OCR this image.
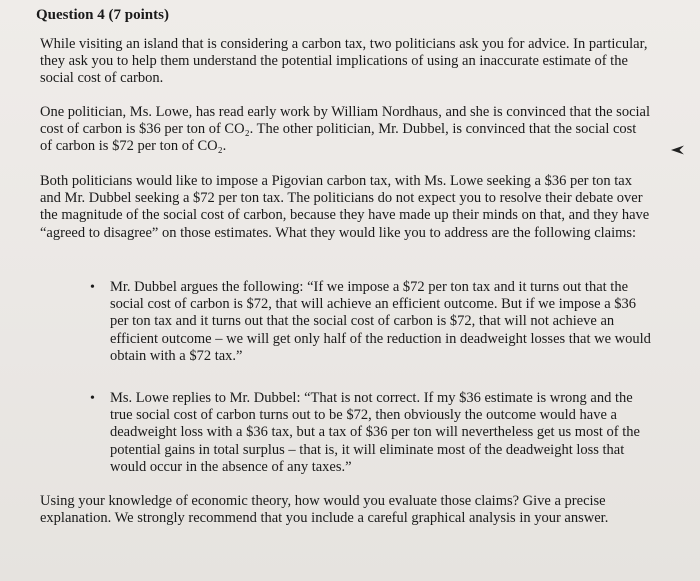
Question 4 (7 points)
While visiting an island that is considering a carbon tax, two politicians ask you for advice. In particular, they ask you to help them understand the potential implications of using an inaccurate estimate of the social cost of carbon.
One politician, Ms. Lowe, has read early work by William Nordhaus, and she is convinced that the social cost of carbon is $36 per ton of CO₂. The other politician, Mr. Dubbel, is convinced that the social cost of carbon is $72 per ton of CO₂.
Both politicians would like to impose a Pigovian carbon tax, with Ms. Lowe seeking a $36 per ton tax and Mr. Dubbel seeking a $72 per ton tax. The politicians do not expect you to resolve their debate over the magnitude of the social cost of carbon, because they have made up their minds on that, and they have “agreed to disagree” on those estimates. What they would like you to address are the following claims:
• Mr. Dubbel argues the following: “If we impose a $72 per ton tax and it turns out that the social cost of carbon is $72, that will achieve an efficient outcome. But if we impose a $36 per ton tax and it turns out that the social cost of carbon is $72, that will not achieve an efficient outcome – we will get only half of the reduction in deadweight losses that we would obtain with a $72 tax.”
• Ms. Lowe replies to Mr. Dubbel: “That is not correct. If my $36 estimate is wrong and the true social cost of carbon turns out to be $72, then obviously the outcome would have a deadweight loss with a $36 tax, but a tax of $36 per ton will nevertheless get us most of the potential gains in total surplus – that is, it will eliminate most of the deadweight loss that would occur in the absence of any taxes.”
Using your knowledge of economic theory, how would you evaluate those claims? Give a precise explanation. We strongly recommend that you include a careful graphical analysis in your answer.
